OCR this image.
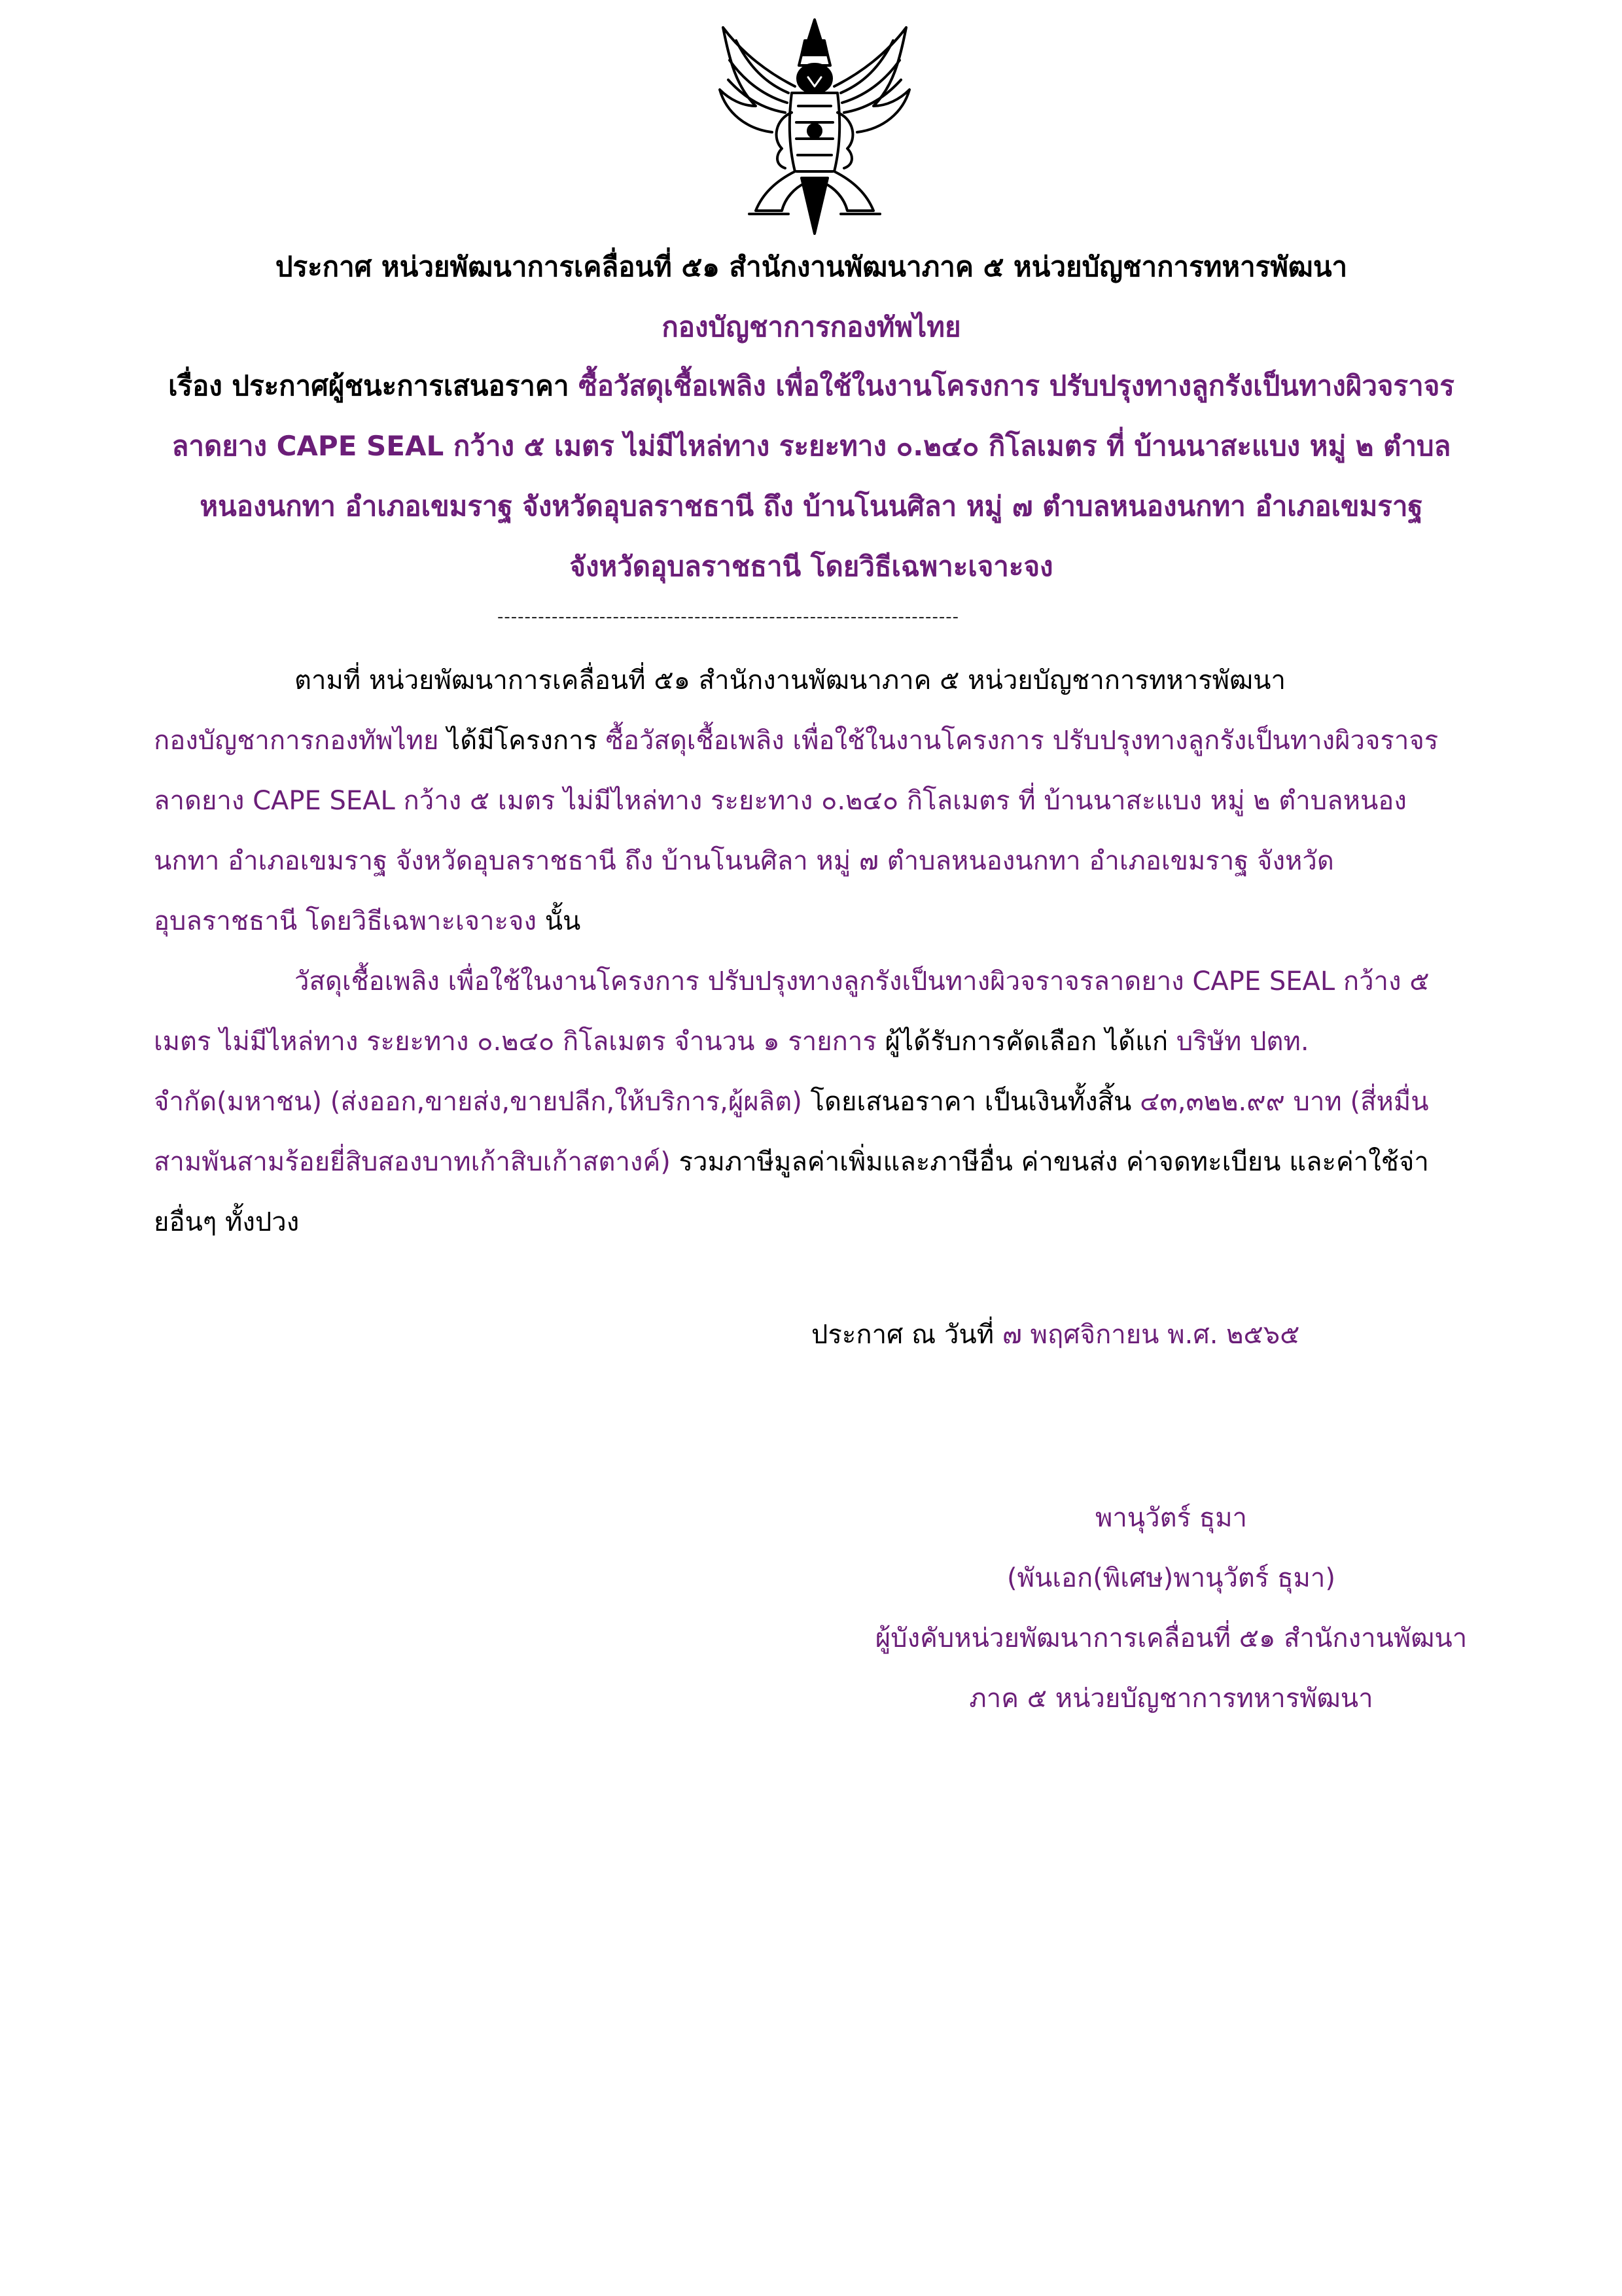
ประกาศ หน่วยพัฒนาการเคลื่อนที่ ๕๑ สำนักงานพัฒนาภาค ๕ หน่วยบัญชาการทหารพัฒนา
กองบัญชาการกองทัพไทย
เรื่อง ประกาศผู้ชนะการเสนอราคา ซื้อวัสดุเชื้อเพลิง เพื่อใช้ในงานโครงการ ปรับปรุงทางลูกรังเป็นทางผิวจราจร
ลาดยาง CAPE SEAL กว้าง ๕ เมตร ไม่มีไหล่ทาง ระยะทาง ๐.๒๔๐ กิโลเมตร ที่ บ้านนาสะแบง หมู่ ๒ ตำบล
หนองนกทา อำเภอเขมราฐ จังหวัดอุบลราชธานี ถึง บ้านโนนศิลา หมู่ ๗ ตำบลหนองนกทา อำเภอเขมราฐ
จังหวัดอุบลราชธานี โดยวิธีเฉพาะเจาะจง
--------------------------------------------------------------------
ตามที่ หน่วยพัฒนาการเคลื่อนที่ ๕๑ สำนักงานพัฒนาภาค ๕ หน่วยบัญชาการทหารพัฒนา
กองบัญชาการกองทัพไทย ได้มีโครงการ ซื้อวัสดุเชื้อเพลิง เพื่อใช้ในงานโครงการ ปรับปรุงทางลูกรังเป็นทางผิวจราจร
ลาดยาง CAPE SEAL กว้าง ๕ เมตร ไม่มีไหล่ทาง ระยะทาง ๐.๒๔๐ กิโลเมตร ที่ บ้านนาสะแบง หมู่ ๒ ตำบลหนอง
นกทา อำเภอเขมราฐ จังหวัดอุบลราชธานี ถึง บ้านโนนศิลา หมู่ ๗ ตำบลหนองนกทา อำเภอเขมราฐ จังหวัด
อุบลราชธานี โดยวิธีเฉพาะเจาะจง นั้น
วัสดุเชื้อเพลิง เพื่อใช้ในงานโครงการ ปรับปรุงทางลูกรังเป็นทางผิวจราจรลาดยาง CAPE SEAL กว้าง ๕
เมตร ไม่มีไหล่ทาง ระยะทาง ๐.๒๔๐ กิโลเมตร จำนวน ๑ รายการ ผู้ได้รับการคัดเลือก ได้แก่ บริษัท ปตท.
จำกัด(มหาชน) (ส่งออก,ขายส่ง,ขายปลีก,ให้บริการ,ผู้ผลิต) โดยเสนอราคา เป็นเงินทั้งสิ้น ๔๓,๓๒๒.๙๙ บาท (สี่หมื่น
สามพันสามร้อยยี่สิบสองบาทเก้าสิบเก้าสตางค์) รวมภาษีมูลค่าเพิ่มและภาษีอื่น ค่าขนส่ง ค่าจดทะเบียน และค่าใช้จ่า
ยอื่นๆ ทั้งปวง
ประกาศ ณ วันที่ ๗ พฤศจิกายน พ.ศ. ๒๕๖๕
พานุวัตร์ ธุมา
(พันเอก(พิเศษ)พานุวัตร์ ธุมา)
ผู้บังคับหน่วยพัฒนาการเคลื่อนที่ ๕๑ สำนักงานพัฒนา
ภาค ๕ หน่วยบัญชาการทหารพัฒนา
